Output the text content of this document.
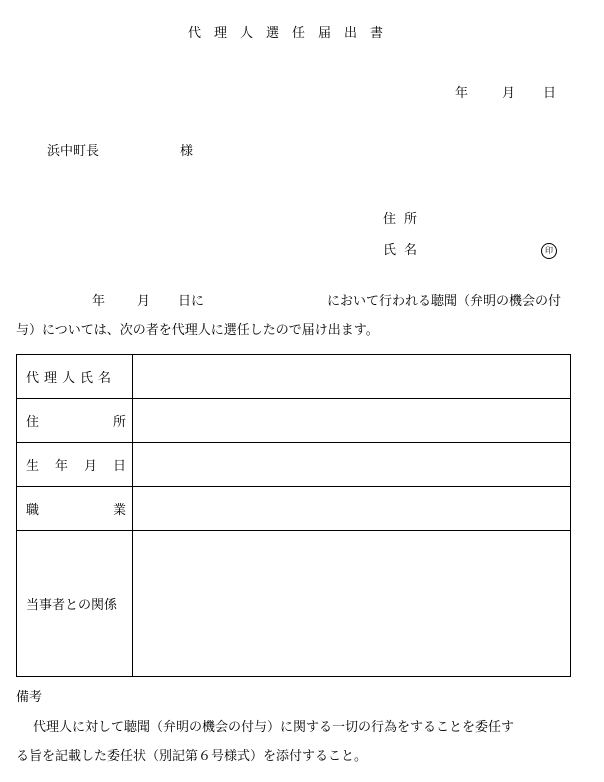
代理人選任届出書
年	月 日
浜中町長	様
住所
氏名	印
年 月 日に	において行われる聴聞（弁明の機会の付
与）については、次の者を代理人に選任したので届け出ます。
代理人氏名	

住 所	

生 年 月 日	

職 業	

当事者との関係	
備考
代理人に対して聴聞（弁明の機会の付与）に関する一切の行為をすることを委任す
る旨を記載した委任状（別記第６号様式）を添付すること。
